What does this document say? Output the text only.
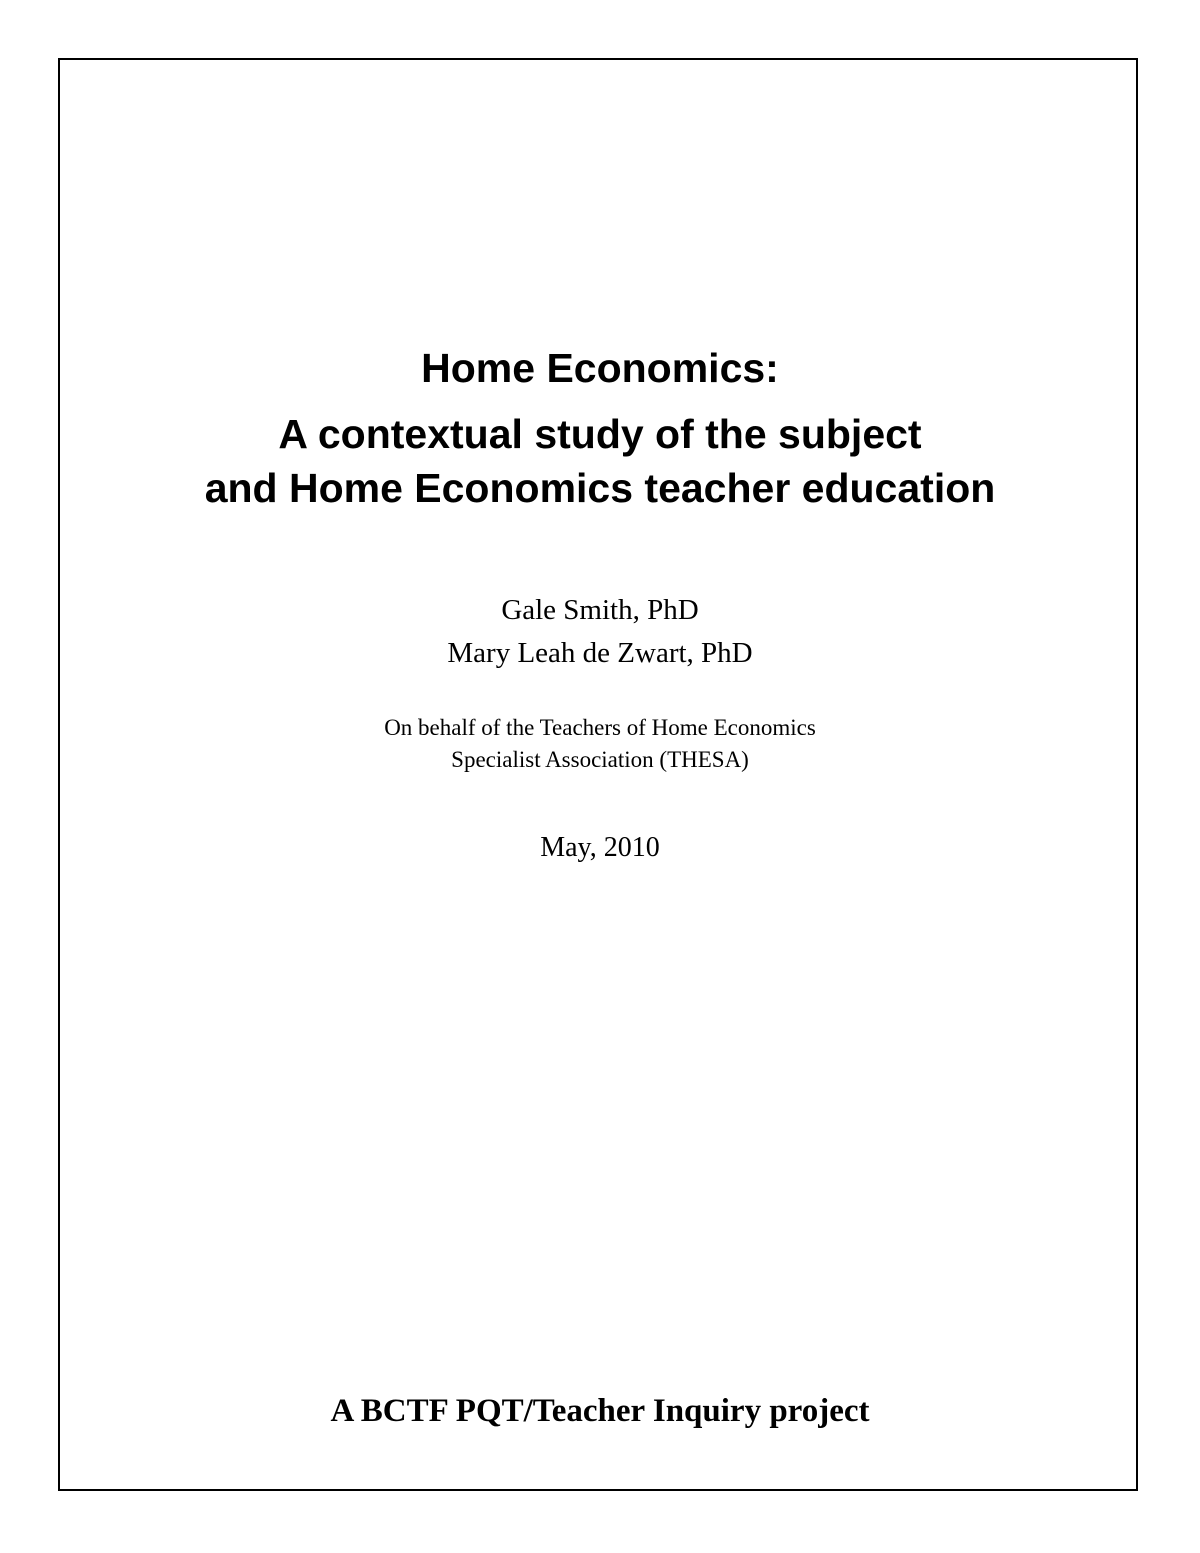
Home Economics:
A contextual study of the subject
and Home Economics teacher education
Gale Smith, PhD
Mary Leah de Zwart, PhD
On behalf of the Teachers of Home Economics
Specialist Association (THESA)
May, 2010
A BCTF PQT/Teacher Inquiry project
